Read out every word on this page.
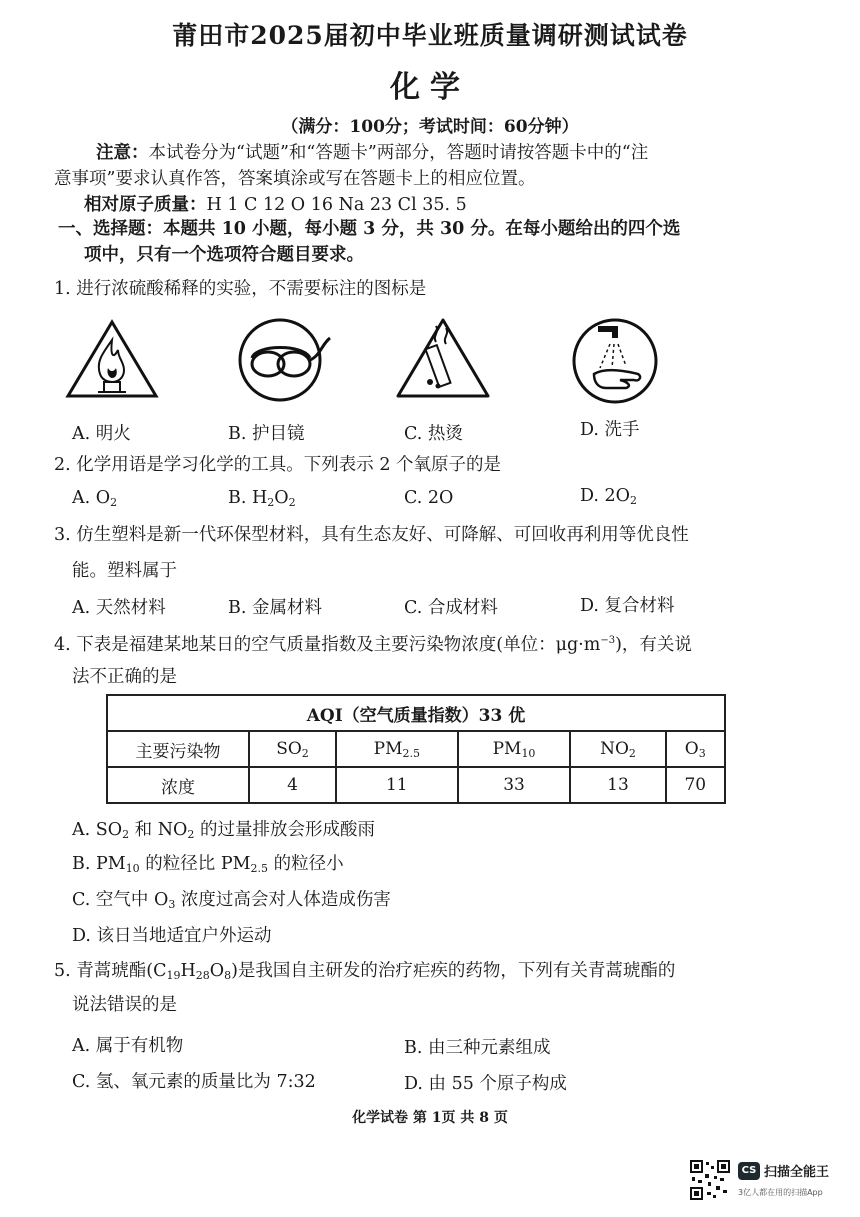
莆田市2025届初中毕业班质量调研测试试卷
化学
（满分：100分；考试时间：60分钟）
注意：本试卷分为“试题”和“答题卡”两部分，答题时请按答题卡中的“注
意事项”要求认真作答，答案填涂或写在答题卡上的相应位置。
相对原子质量：H 1 C 12 O 16 Na 23 Cl 35. 5
一、选择题：本题共 10 小题，每小题 3 分，共 30 分。在每小题给出的四个选
项中，只有一个选项符合题目要求。
1. 进行浓硫酸稀释的实验，不需要标注的图标是
A. 明火	B. 护目镜	C. 热烫	D. 洗手
2. 化学用语是学习化学的工具。下列表示 2 个氧原子的是
A. $O_2$	B. $H_2O_2$	C. 2O	D. $2O_2$
3. 仿生塑料是新一代环保型材料，具有生态友好、可降解、可回收再利用等优良性
能。塑料属于
A. 天然材料	B. 金属材料	C. 合成材料	D. 复合材料
4. 下表是福建某地某日的空气质量指数及主要污染物浓度(单位：$\mu g\cdot m^{-3}$)，有关说
法不正确的是
AQI（空气质量指数）33 优					
主要污染物	$SO_2$	$PM_{2.5}$	$PM_{10}$	$NO_2$	$O_3$
浓度	4	11	33	13	70
A. $SO_2$ 和 $NO_2$ 的过量排放会形成酸雨
B. $PM_{10}$ 的粒径比 $PM_{2.5}$ 的粒径小
C. 空气中 $O_3$ 浓度过高会对人体造成伤害
D. 该日当地适宜户外运动
5. 青蒿琥酯$(C_{19}H_{28}O_8)$是我国自主研发的治疗疟疾的药物，下列有关青蒿琥酯的
说法错误的是
A. 属于有机物	B. 由三种元素组成
C. 氢、氧元素的质量比为 7:32	D. 由 55 个原子构成
化学试卷 第 1页 共 8 页
CS 扫描全能王
3亿人都在用的扫描App
